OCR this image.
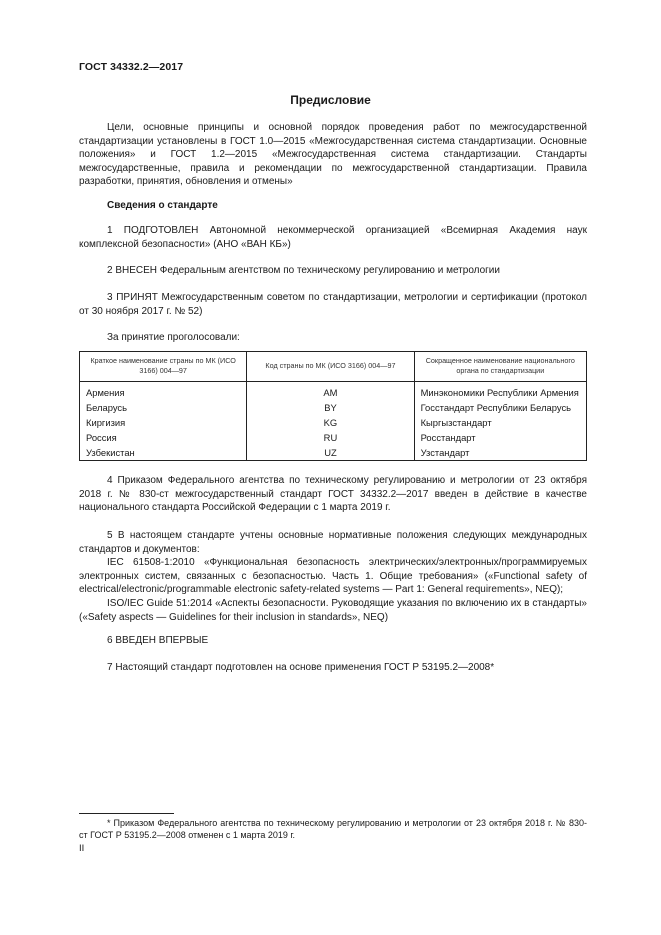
ГОСТ 34332.2—2017
Предисловие

Цели, основные принципы и основной порядок проведения работ по межгосударственной стандартизации установлены в ГОСТ 1.0—2015 «Межгосударственная система стандартизации. Основные положения» и ГОСТ 1.2—2015 «Межгосударственная система стандартизации. Стандарты межгосударственные, правила и рекомендации по межгосударственной стандартизации. Правила разработки, принятия, обновления и отмены»

Сведения о стандарте

1 ПОДГОТОВЛЕН Автономной некоммерческой организацией «Всемирная Академия наук комплексной безопасности» (АНО «ВАН КБ»)

2 ВНЕСЕН Федеральным агентством по техническому регулированию и метрологии

3 ПРИНЯТ Межгосударственным советом по стандартизации, метрологии и сертификации (протокол от 30 ноября 2017 г. № 52)

За принятие проголосовали:

Краткое наименование страны по МК (ИСО 3166) 004—97	Код страны по МК (ИСО 3166) 004—97	Сокращенное наименование национального органа по стандартизации
Армения	AM	Минэкономики Республики Армения
Беларусь	BY	Госстандарт Республики Беларусь
Киргизия	KG	Кыргызстандарт
Россия	RU	Росстандарт
Узбекистан	UZ	Узстандарт

4 Приказом Федерального агентства по техническому регулированию и метрологии от 23 октября 2018 г. № 830-ст межгосударственный стандарт ГОСТ 34332.2—2017 введен в действие в качестве национального стандарта Российской Федерации с 1 марта 2019 г.

5 В настоящем стандарте учтены основные нормативные положения следующих международных стандартов и документов:

IEC 61508-1:2010 «Функциональная безопасность электрических/электронных/программируемых электронных систем, связанных с безопасностью. Часть 1. Общие требования» («Functional safety of electrical/electronic/programmable electronic safety-related systems — Part 1: General requirements», NEQ);

ISO/IEC Guide 51:2014 «Аспекты безопасности. Руководящие указания по включению их в стандарты» («Safety aspects — Guidelines for their inclusion in standards», NEQ)

6 ВВЕДЕН ВПЕРВЫЕ

7 Настоящий стандарт подготовлен на основе применения ГОСТ Р 53195.2—2008*

* Приказом Федерального агентства по техническому регулированию и метрологии от 23 октября 2018 г. № 830-ст ГОСТ Р 53195.2—2008 отменен с 1 марта 2019 г.

II
